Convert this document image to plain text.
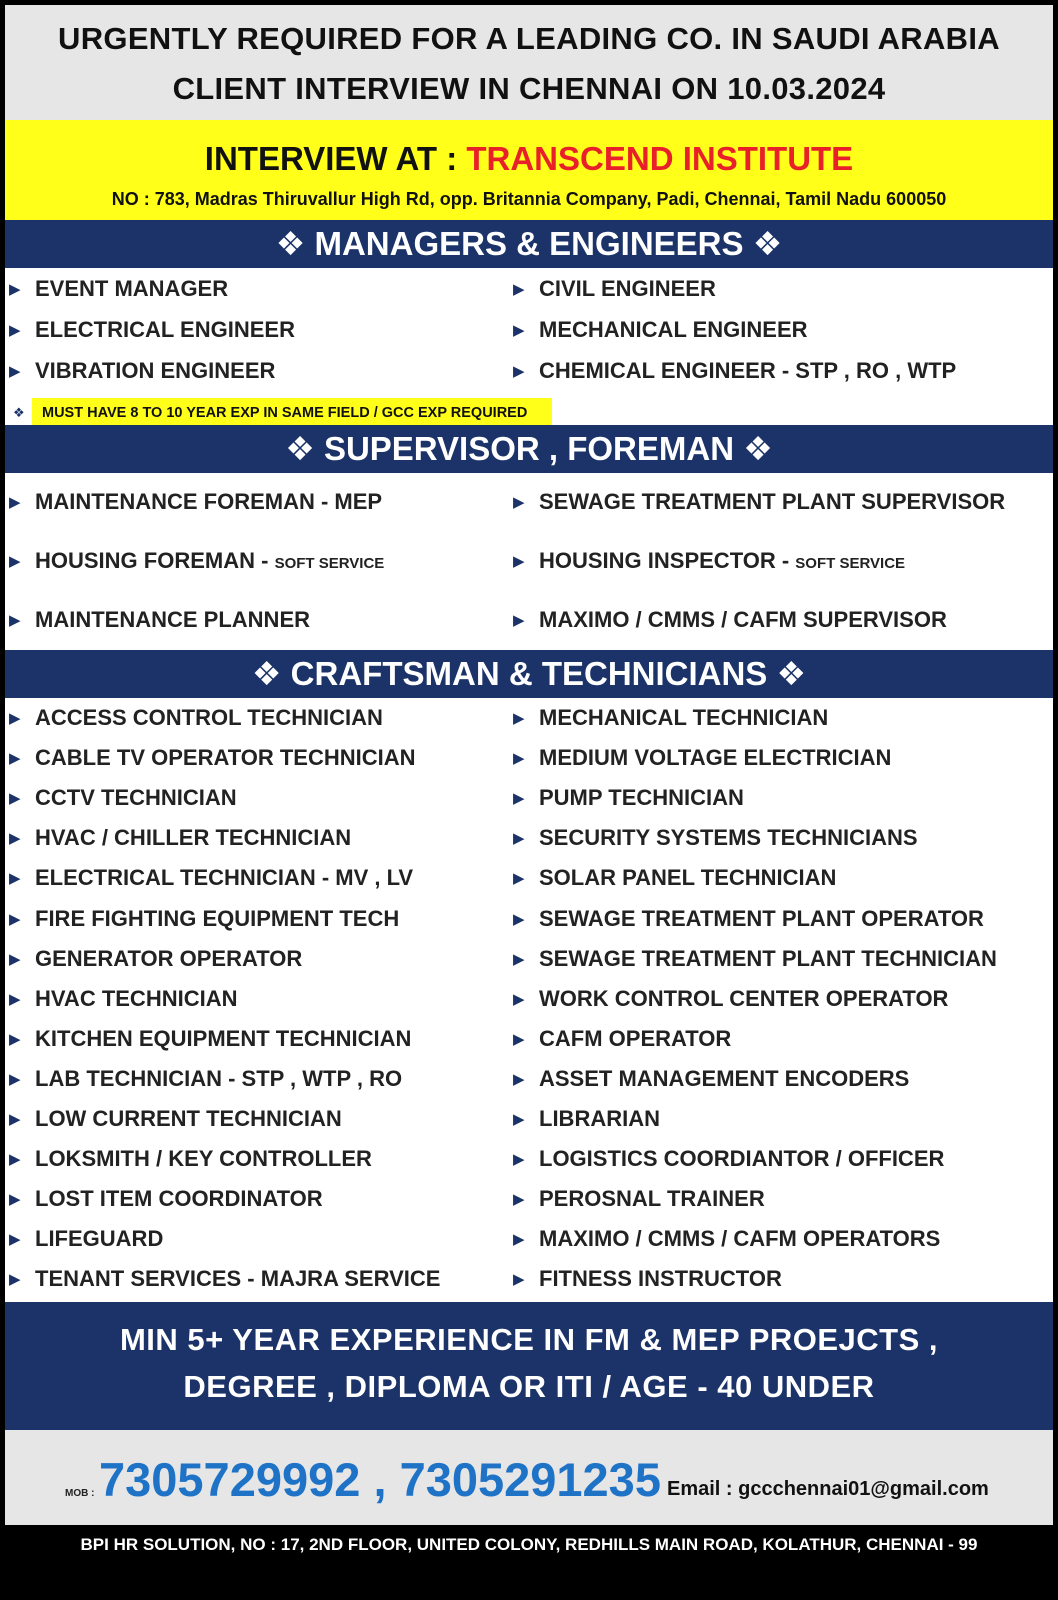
URGENTLY REQUIRED FOR A LEADING CO. IN SAUDI ARABIA
CLIENT INTERVIEW IN CHENNAI ON 10.03.2024
INTERVIEW AT : TRANSCEND INSTITUTE
NO : 783, Madras Thiruvallur High Rd, opp. Britannia Company, Padi, Chennai, Tamil Nadu 600050
❖ MANAGERS & ENGINEERS ❖
▶ EVENT MANAGER
▶ ELECTRICAL ENGINEER
▶ VIBRATION ENGINEER
▶ CIVIL ENGINEER
▶ MECHANICAL ENGINEER
▶ CHEMICAL ENGINEER - STP , RO , WTP
❖	MUST HAVE 8 TO 10 YEAR EXP IN SAME FIELD / GCC EXP REQUIRED
❖ SUPERVISOR , FOREMAN ❖
▶ MAINTENANCE FOREMAN - MEP
▶ HOUSING FOREMAN - SOFT SERVICE
▶ MAINTENANCE PLANNER
▶ SEWAGE TREATMENT PLANT SUPERVISOR
▶ HOUSING INSPECTOR - SOFT SERVICE
▶ MAXIMO / CMMS / CAFM SUPERVISOR
❖ CRAFTSMAN & TECHNICIANS ❖
▶ ACCESS CONTROL TECHNICIAN
▶ CABLE TV OPERATOR TECHNICIAN
▶ CCTV TECHNICIAN
▶ HVAC / CHILLER TECHNICIAN
▶ ELECTRICAL TECHNICIAN - MV , LV
▶ FIRE FIGHTING EQUIPMENT TECH
▶ GENERATOR OPERATOR
▶ HVAC TECHNICIAN
▶ KITCHEN EQUIPMENT TECHNICIAN
▶ LAB TECHNICIAN - STP , WTP , RO
▶ LOW CURRENT TECHNICIAN
▶ LOKSMITH / KEY CONTROLLER
▶ LOST ITEM COORDINATOR
▶ LIFEGUARD
▶ TENANT SERVICES - MAJRA SERVICE
▶ MECHANICAL TECHNICIAN
▶ MEDIUM VOLTAGE ELECTRICIAN
▶ PUMP TECHNICIAN
▶ SECURITY SYSTEMS TECHNICIANS
▶ SOLAR PANEL TECHNICIAN
▶ SEWAGE TREATMENT PLANT OPERATOR
▶ SEWAGE TREATMENT PLANT TECHNICIAN
▶ WORK CONTROL CENTER OPERATOR
▶ CAFM OPERATOR
▶ ASSET MANAGEMENT ENCODERS
▶ LIBRARIAN
▶ LOGISTICS COORDIANTOR / OFFICER
▶ PEROSNAL TRAINER
▶ MAXIMO / CMMS / CAFM OPERATORS
▶ FITNESS INSTRUCTOR
MIN 5+ YEAR EXPERIENCE IN FM & MEP PROEJCTS ,
DEGREE , DIPLOMA OR ITI / AGE - 40 UNDER
MOB : 7305729992 , 7305291235 Email : gccchennai01@gmail.com
BPI HR SOLUTION, NO : 17, 2ND FLOOR, UNITED COLONY, REDHILLS MAIN ROAD, KOLATHUR, CHENNAI - 99
